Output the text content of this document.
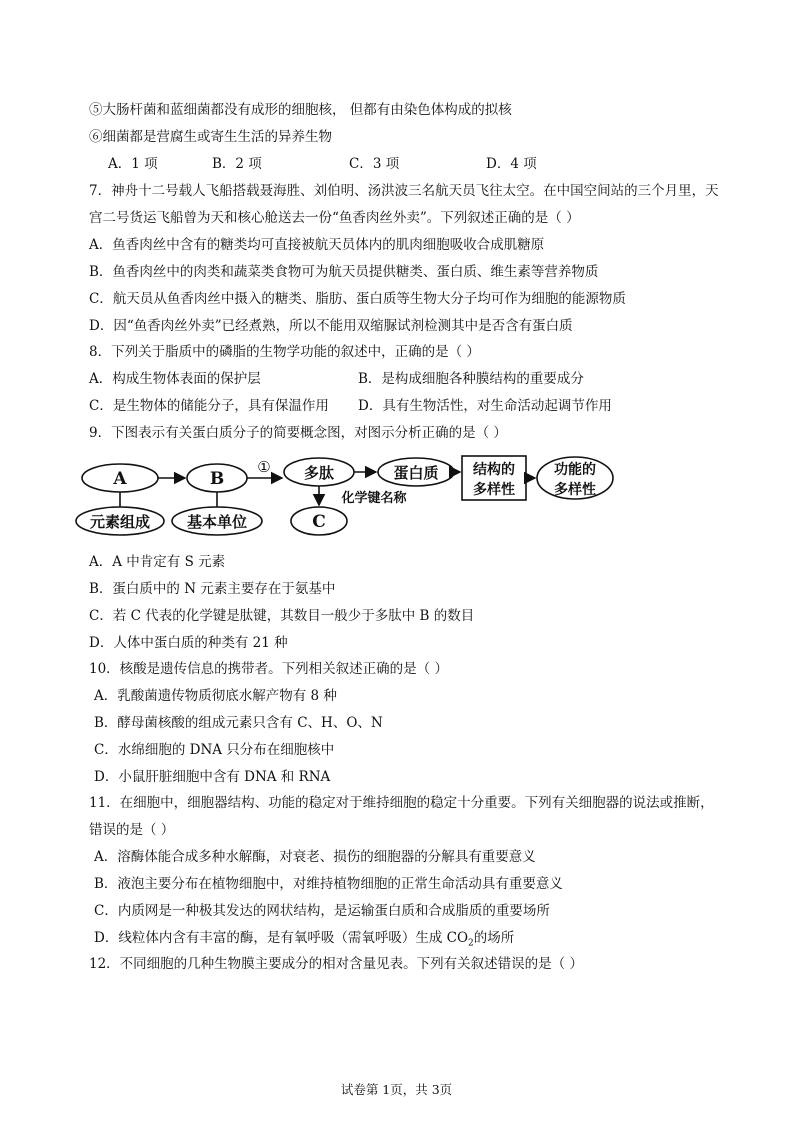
⑤大肠杆菌和蓝细菌都没有成形的细胞核， 但都有由染色体构成的拟核
⑥细菌都是营腐生或寄生生活的异养生物
A．1 项	B．2 项	C．3 项	D．4 项
7．神舟十二号载人飞船搭载聂海胜、刘伯明、汤洪波三名航天员飞往太空。在中国空间站的三个月里，天
宫二号货运飞船曾为天和核心舱送去一份“鱼香肉丝外卖”。下列叙述正确的是（ ）
A．鱼香肉丝中含有的糖类均可直接被航天员体内的肌肉细胞吸收合成肌糖原
B．鱼香肉丝中的肉类和蔬菜类食物可为航天员提供糖类、蛋白质、维生素等营养物质
C．航天员从鱼香肉丝中摄入的糖类、脂肪、蛋白质等生物大分子均可作为细胞的能源物质
D．因“鱼香肉丝外卖”已经煮熟，所以不能用双缩脲试剂检测其中是否含有蛋白质
8．下列关于脂质中的磷脂的生物学功能的叙述中，正确的是（ ）
A．构成生物体表面的保护层	B．是构成细胞各种膜结构的重要成分
C．是生物体的储能分子，具有保温作用 D．具有生物活性，对生命活动起调节作用
9．下图表示有关蛋白质分子的简要概念图，对图示分析正确的是（ ）
A	B
① 多肽	蛋白质 结构的
多样性
功能的
多样性
元素组成 基本单位	C
化学键名称
A．A 中肯定有 S 元素
B．蛋白质中的 N 元素主要存在于氨基中
C．若 C 代表的化学键是肽键，其数目一般少于多肽中 B 的数目
D．人体中蛋白质的种类有 21 种
10．核酸是遗传信息的携带者。下列相关叙述正确的是（ ）
A．乳酸菌遗传物质彻底水解产物有 8 种
B．酵母菌核酸的组成元素只含有 C、H、O、N
C．水绵细胞的 DNA 只分布在细胞核中
D．小鼠肝脏细胞中含有 DNA 和 RNA
11．在细胞中，细胞器结构、功能的稳定对于维持细胞的稳定十分重要。下列有关细胞器的说法或推断，
错误的是（ ）
A．溶酶体能合成多种水解酶，对衰老、损伤的细胞器的分解具有重要意义
B．液泡主要分布在植物细胞中，对维持植物细胞的正常生命活动具有重要意义
C．内质网是一种极其发达的网状结构，是运输蛋白质和合成脂质的重要场所
D．线粒体内含有丰富的酶，是有氧呼吸（需氧呼吸）生成 $CO_2$的场所
12．不同细胞的几种生物膜主要成分的相对含量见表。下列有关叙述错误的是（ ）
试卷第 1页，共 3页
